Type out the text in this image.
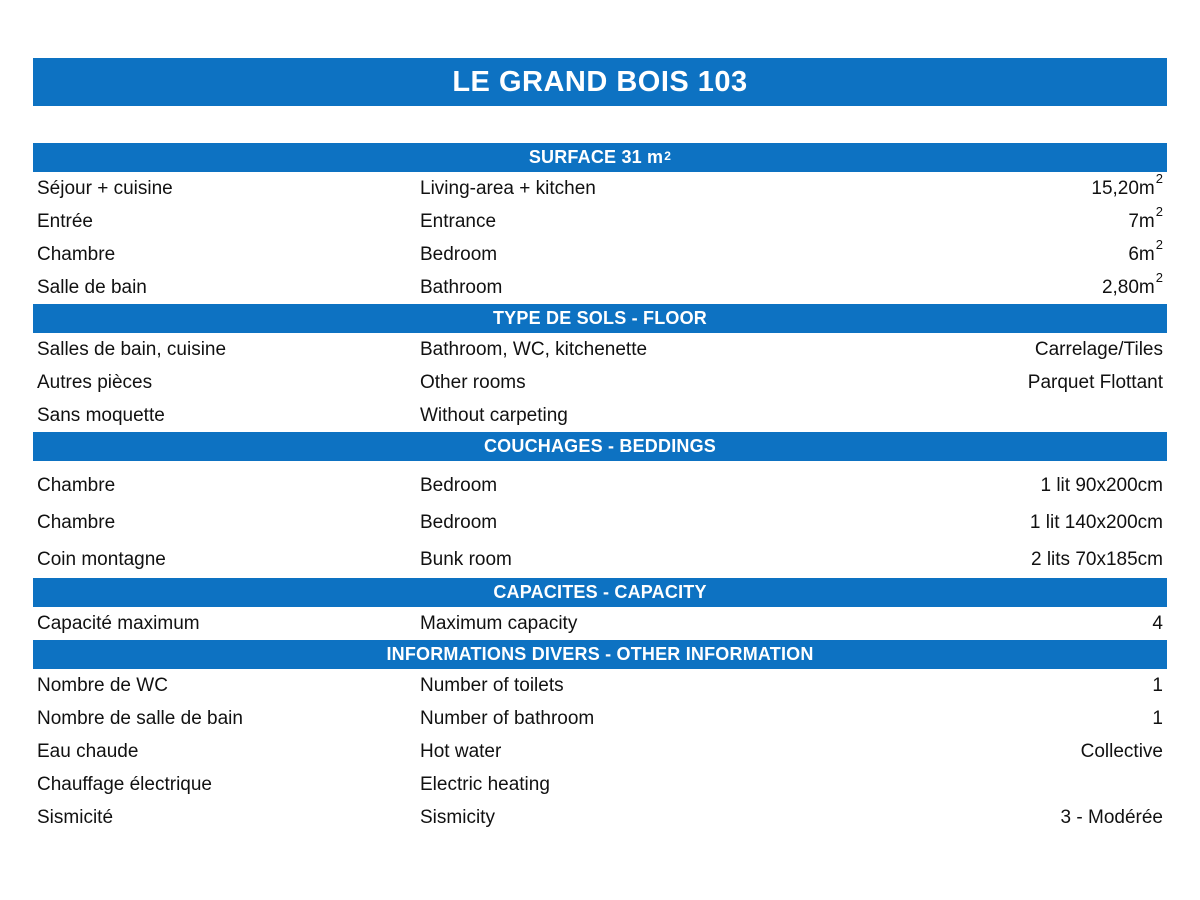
LE GRAND BOIS 103
SURFACE 31 $m^2$
Séjour + cuisine	Living-area + kitchen	$15,20m^2$
Entrée	Entrance	$7m^2$
Chambre	Bedroom	$6m^2$
Salle de bain	Bathroom	$2,80m^2$
TYPE DE SOLS - FLOOR
Salles de bain, cuisine	Bathroom, WC, kitchenette	Carrelage/Tiles
Autres pièces	Other rooms	Parquet Flottant
Sans moquette	Without carpeting
COUCHAGES - BEDDINGS
Chambre	Bedroom	1 lit 90x200cm
Chambre	Bedroom	1 lit 140x200cm
Coin montagne	Bunk room	2 lits 70x185cm
CAPACITES - CAPACITY
Capacité maximum	Maximum capacity	4
INFORMATIONS DIVERS - OTHER INFORMATION
Nombre de WC	Number of toilets	1
Nombre de salle de bain	Number of bathroom	1
Eau chaude	Hot water	Collective
Chauffage électrique	Electric heating
Sismicité	Sismicity	3 - Modérée
